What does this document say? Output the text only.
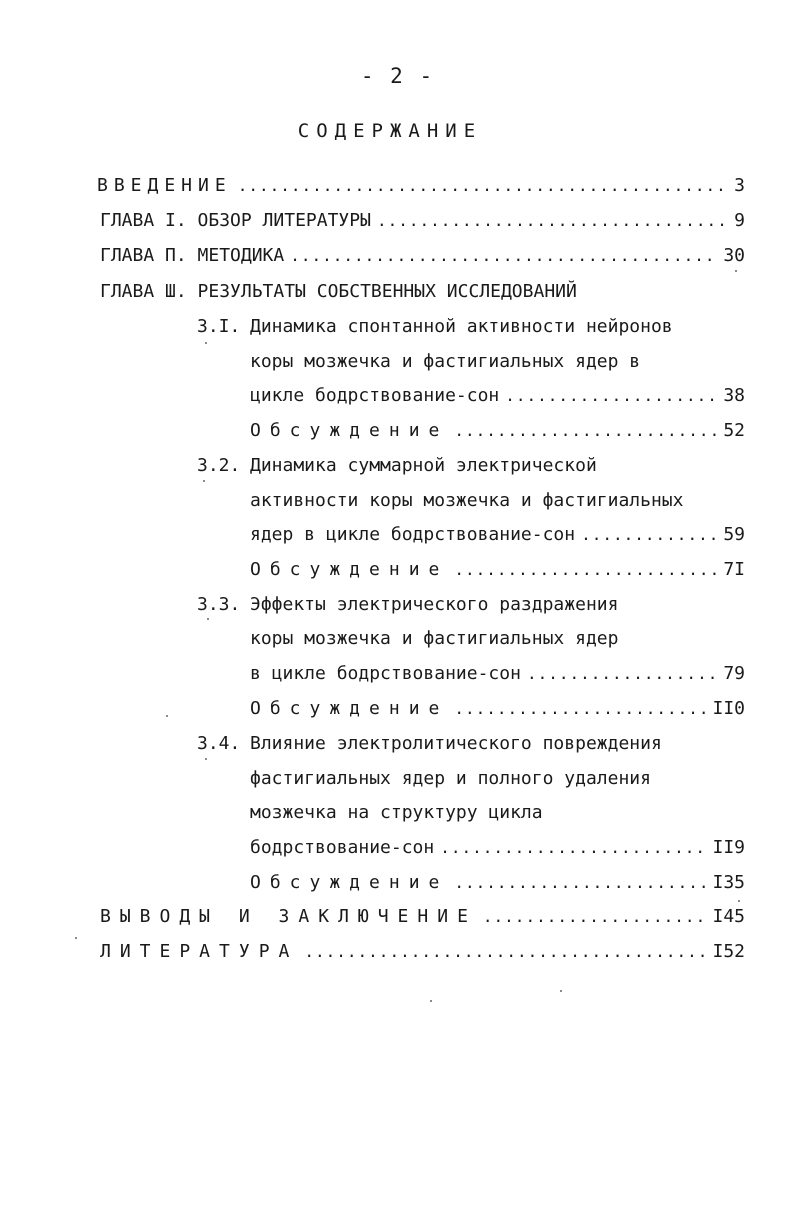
- 2 -
СОДЕРЖАНИЕ
ВВЕДЕНИЕ .....	3
ГЛАВА I. ОБЗОР ЛИТЕРАТУРЫ .....	9
ГЛАВА П. МЕТОДИКА .....	30
ГЛАВА Ш. РЕЗУЛЬТАТЫ СОБСТВЕННЫХ ИССЛЕДОВАНИЙ
3.I. Динамика спонтанной активности нейронов
коры мозжечка и фастигиальных ядер в
цикле бодрствование-сон .....	38
Обсуждение .....	52
3.2. Динамика суммарной электрической
активности коры мозжечка и фастигиальных
ядер в цикле бодрствование-сон .....	59
Обсуждение .....	7I
3.3. Эффекты электрического раздражения
коры мозжечка и фастигиальных ядер
в цикле бодрствование-сон .....	79
Обсуждение .....	II0
3.4. Влияние электролитического повреждения
фастигиальных ядер и полного удаления
мозжечка на структуру цикла
бодрствование-сон .....	II9
Обсуждение .....	I35
ВЫВОДЫ И ЗАКЛЮЧЕНИЕ .....	I45
ЛИТЕРАТУРА .....	I52
